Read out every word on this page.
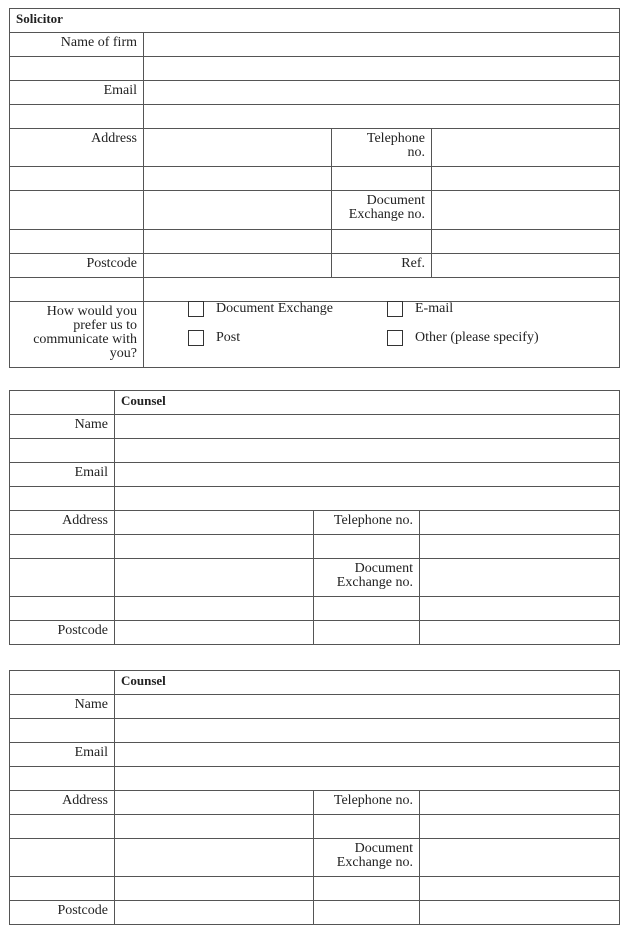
Solicitor			
Name of firm			

Email			

Address		Telephone
no.	

		Document
Exchange no.	

Postcode		Ref.	

How would you
prefer us to
communicate with
you?			
Document Exchange	E-mail
Post	Other (please specify)
	Counsel		
Name			

Email			

Address		Telephone no.	

		Document
Exchange no.	

Postcode			
	Counsel		
Name			

Email			

Address		Telephone no.	

		Document
Exchange no.	

Postcode			
